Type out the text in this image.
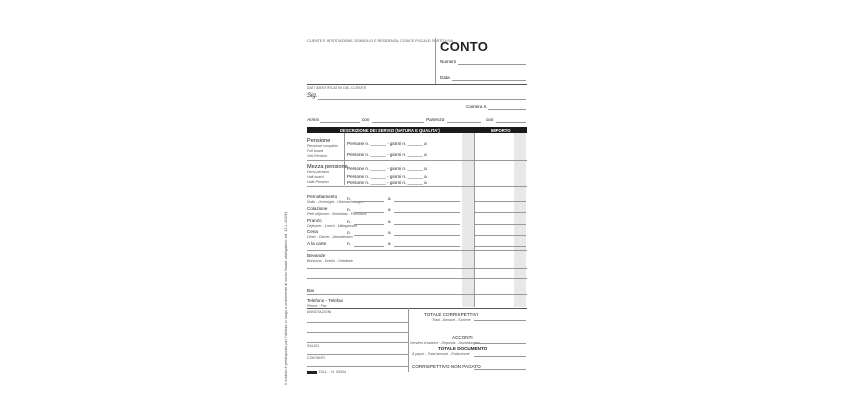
Il modulo è predisposto per l'utilizzo in luogo o unitamente al conto fiscale obbligatorio art. 12 L.413/91
CLIENTE E INTESTAZIONE, DOMICILIO E RESIDENZA, CODICE FISCALE, PARTITA IVA
CONTO
Numero
Data
DATI IDENTIFICATIVI DEL CLIENTE
Sig.
Camera n.
Arrivo	con	Partenza	con
DESCRIZIONE DEI SERVIZI (NATURA E QUALITA')	IMPORTO
Pensione
Pensione completa
Full board
Voll-Pension
Persone n. ______ - giorni n. ______ a
Persone n. ______ - giorni n. ______ a
Mezza pensione
Demi-pension
Half board
Halb-Pension
Persone n. ______ - giorni n. ______ a
Persone n. ______ - giorni n. ______ a
Persone n. ______ - giorni n. ______ a
Pernottamento
Nuits - Overnight - Übernachtungen
n.	a
Colazione
Petit déjeuner - Breakfast - Frühstück
n.	a
Pranzo
Déjeuner - Lunch - Mittagessen
n.	a
Cena
Dîner - Dinner - Abendessen
n.	a
A la carte	n.	a
Bevande
Boissons - Drinks - Getränke
Bar
Telefono - Telefax
Phone - Fax
ANNOTAZIONI	TOTALE CORRISPETTIVI
Total - Amount - Summe
ACCONTI
Versées d'avance - Deposits - Anzahlungen
TOTALE DOCUMENTO
À payer - Total amount - Endsumme
SALDO
CONTANTI
CORRISPETTIVO NON PAGATO
DU1-... N. 03404
